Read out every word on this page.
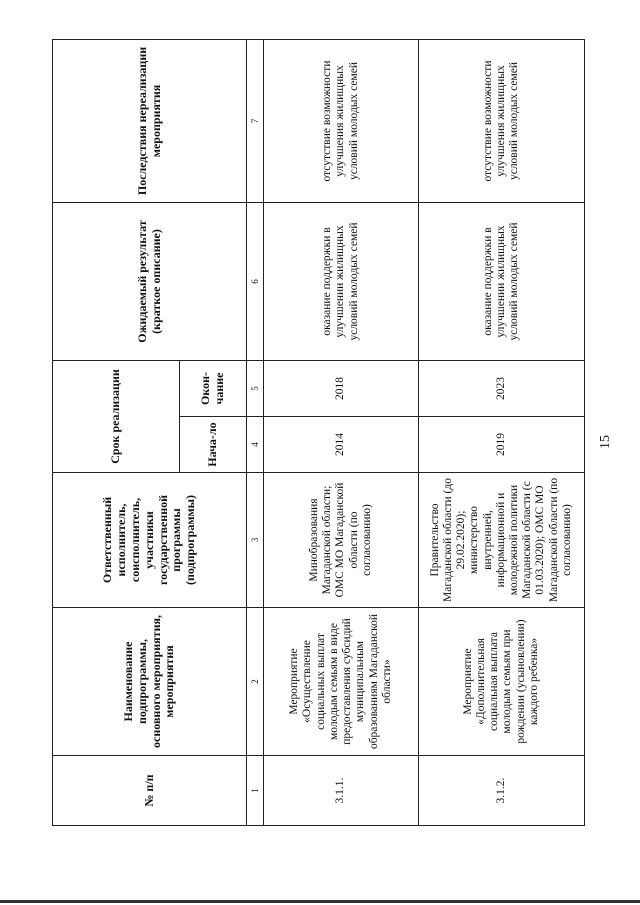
15
№ п/п	Наименование подпрограммы, основного мероприятия, мероприятия	Ответственный исполнитель, соисполнитель, участники государственной программы (подпрограммы)	Срок реализации		Ожидаемый результат (краткое описание)	Последствия нереализации мероприятия
			Нача-ло	Окон-чание		
1	2	3	4	5	6	7
3.1.1.	Мероприятие «Осуществление социальных выплат молодым семьям в виде предоставления субсидий муниципальным образованиям Магаданской области»	Минобразования Магаданской области; ОМС МО Магаданской области (по согласованию)	2014	2018	оказание поддержки в улучшении жилищных условий молодых семей	отсутствие возможности улучшения жилищных условий молодых семей
3.1.2.	Мероприятие «Дополнительная социальная выплата молодым семьям при рождении (усыновлении) каждого ребенка»	Правительство Магаданской области (до 29.02.2020); министерство внутренней, информационной и молодежной политики Магаданской области (с 01.03.2020); ОМС МО Магаданской области (по согласованию)	2019	2023	оказание поддержки в улучшении жилищных условий молодых семей	отсутствие возможности улучшения жилищных условий молодых семей
